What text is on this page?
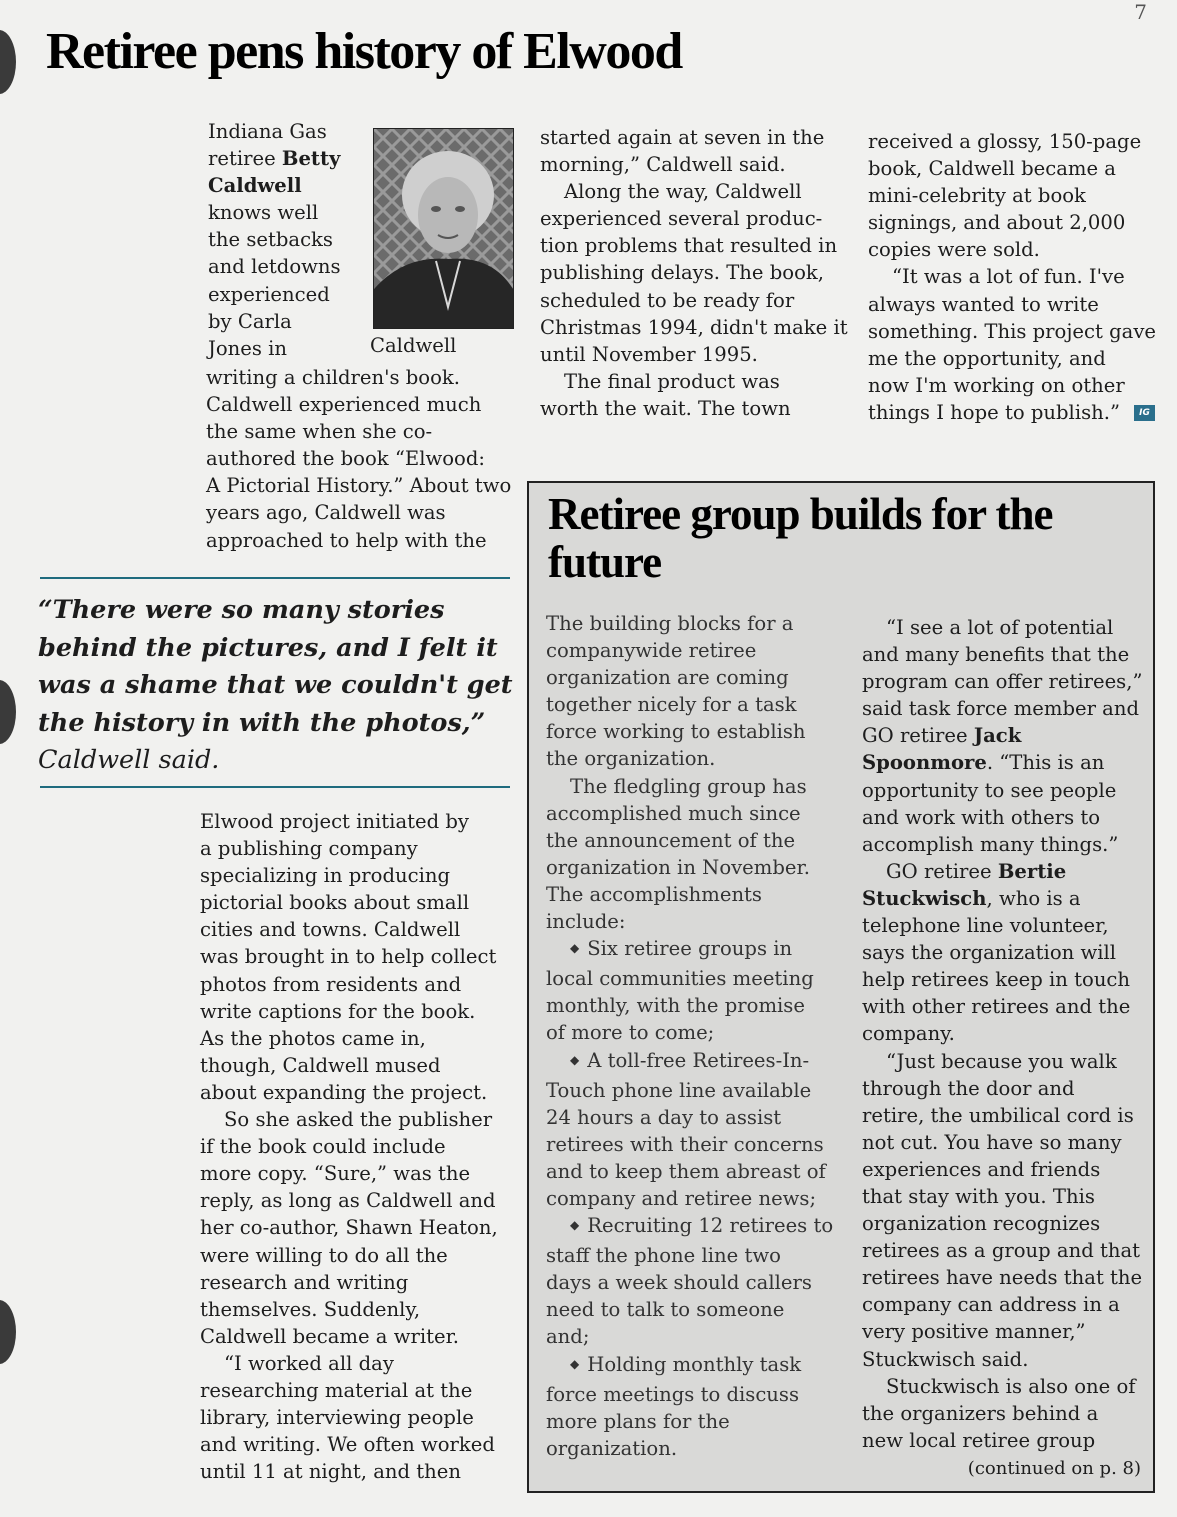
7
Retiree pens history of Elwood
Indiana Gas
retiree Betty
Caldwell
knows well
the setbacks
and letdowns
experienced
by Carla
Jones in	Caldwell
writing a children's book.
Caldwell experienced much
the same when she co-
authored the book “Elwood:
A Pictorial History.” About two
years ago, Caldwell was
approached to help with the
“There were so many stories behind the pictures, and I felt it was a shame that we couldn't get the history in with the photos,”
Caldwell said.
Elwood project initiated by
a publishing company
specializing in producing
pictorial books about small
cities and towns. Caldwell
was brought in to help collect
photos from residents and
write captions for the book.
As the photos came in,
though, Caldwell mused
about expanding the project.
So she asked the publisher
if the book could include
more copy. “Sure,” was the
reply, as long as Caldwell and
her co-author, Shawn Heaton,
were willing to do all the
research and writing
themselves. Suddenly,
Caldwell became a writer.
“I worked all day
researching material at the
library, interviewing people
and writing. We often worked
until 11 at night, and then
started again at seven in the
morning,” Caldwell said.
Along the way, Caldwell
experienced several produc-
tion problems that resulted in
publishing delays. The book,
scheduled to be ready for
Christmas 1994, didn't make it
until November 1995.
The final product was
worth the wait. The town
received a glossy, 150-page
book, Caldwell became a
mini-celebrity at book
signings, and about 2,000
copies were sold.
“It was a lot of fun. I've
always wanted to write
something. This project gave
me the opportunity, and
now I'm working on other
things I hope to publish.” IG
Retiree group builds for the future
The building blocks for a
companywide retiree
organization are coming
together nicely for a task
force working to establish
the organization.
The fledgling group has
accomplished much since
the announcement of the
organization in November.
The accomplishments
include:
◆ Six retiree groups in
local communities meeting
monthly, with the promise
of more to come;
◆ A toll-free Retirees-In-
Touch phone line available
24 hours a day to assist
retirees with their concerns
and to keep them abreast of
company and retiree news;
◆ Recruiting 12 retirees to
staff the phone line two
days a week should callers
need to talk to someone
and;
◆ Holding monthly task
force meetings to discuss
more plans for the
organization.
“I see a lot of potential
and many benefits that the
program can offer retirees,”
said task force member and
GO retiree Jack
Spoonmore. “This is an
opportunity to see people
and work with others to
accomplish many things.”
GO retiree Bertie
Stuckwisch, who is a
telephone line volunteer,
says the organization will
help retirees keep in touch
with other retirees and the
company.
“Just because you walk
through the door and
retire, the umbilical cord is
not cut. You have so many
experiences and friends
that stay with you. This
organization recognizes
retirees as a group and that
retirees have needs that the
company can address in a
very positive manner,”
Stuckwisch said.
Stuckwisch is also one of
the organizers behind a
new local retiree group
(continued on p. 8)
